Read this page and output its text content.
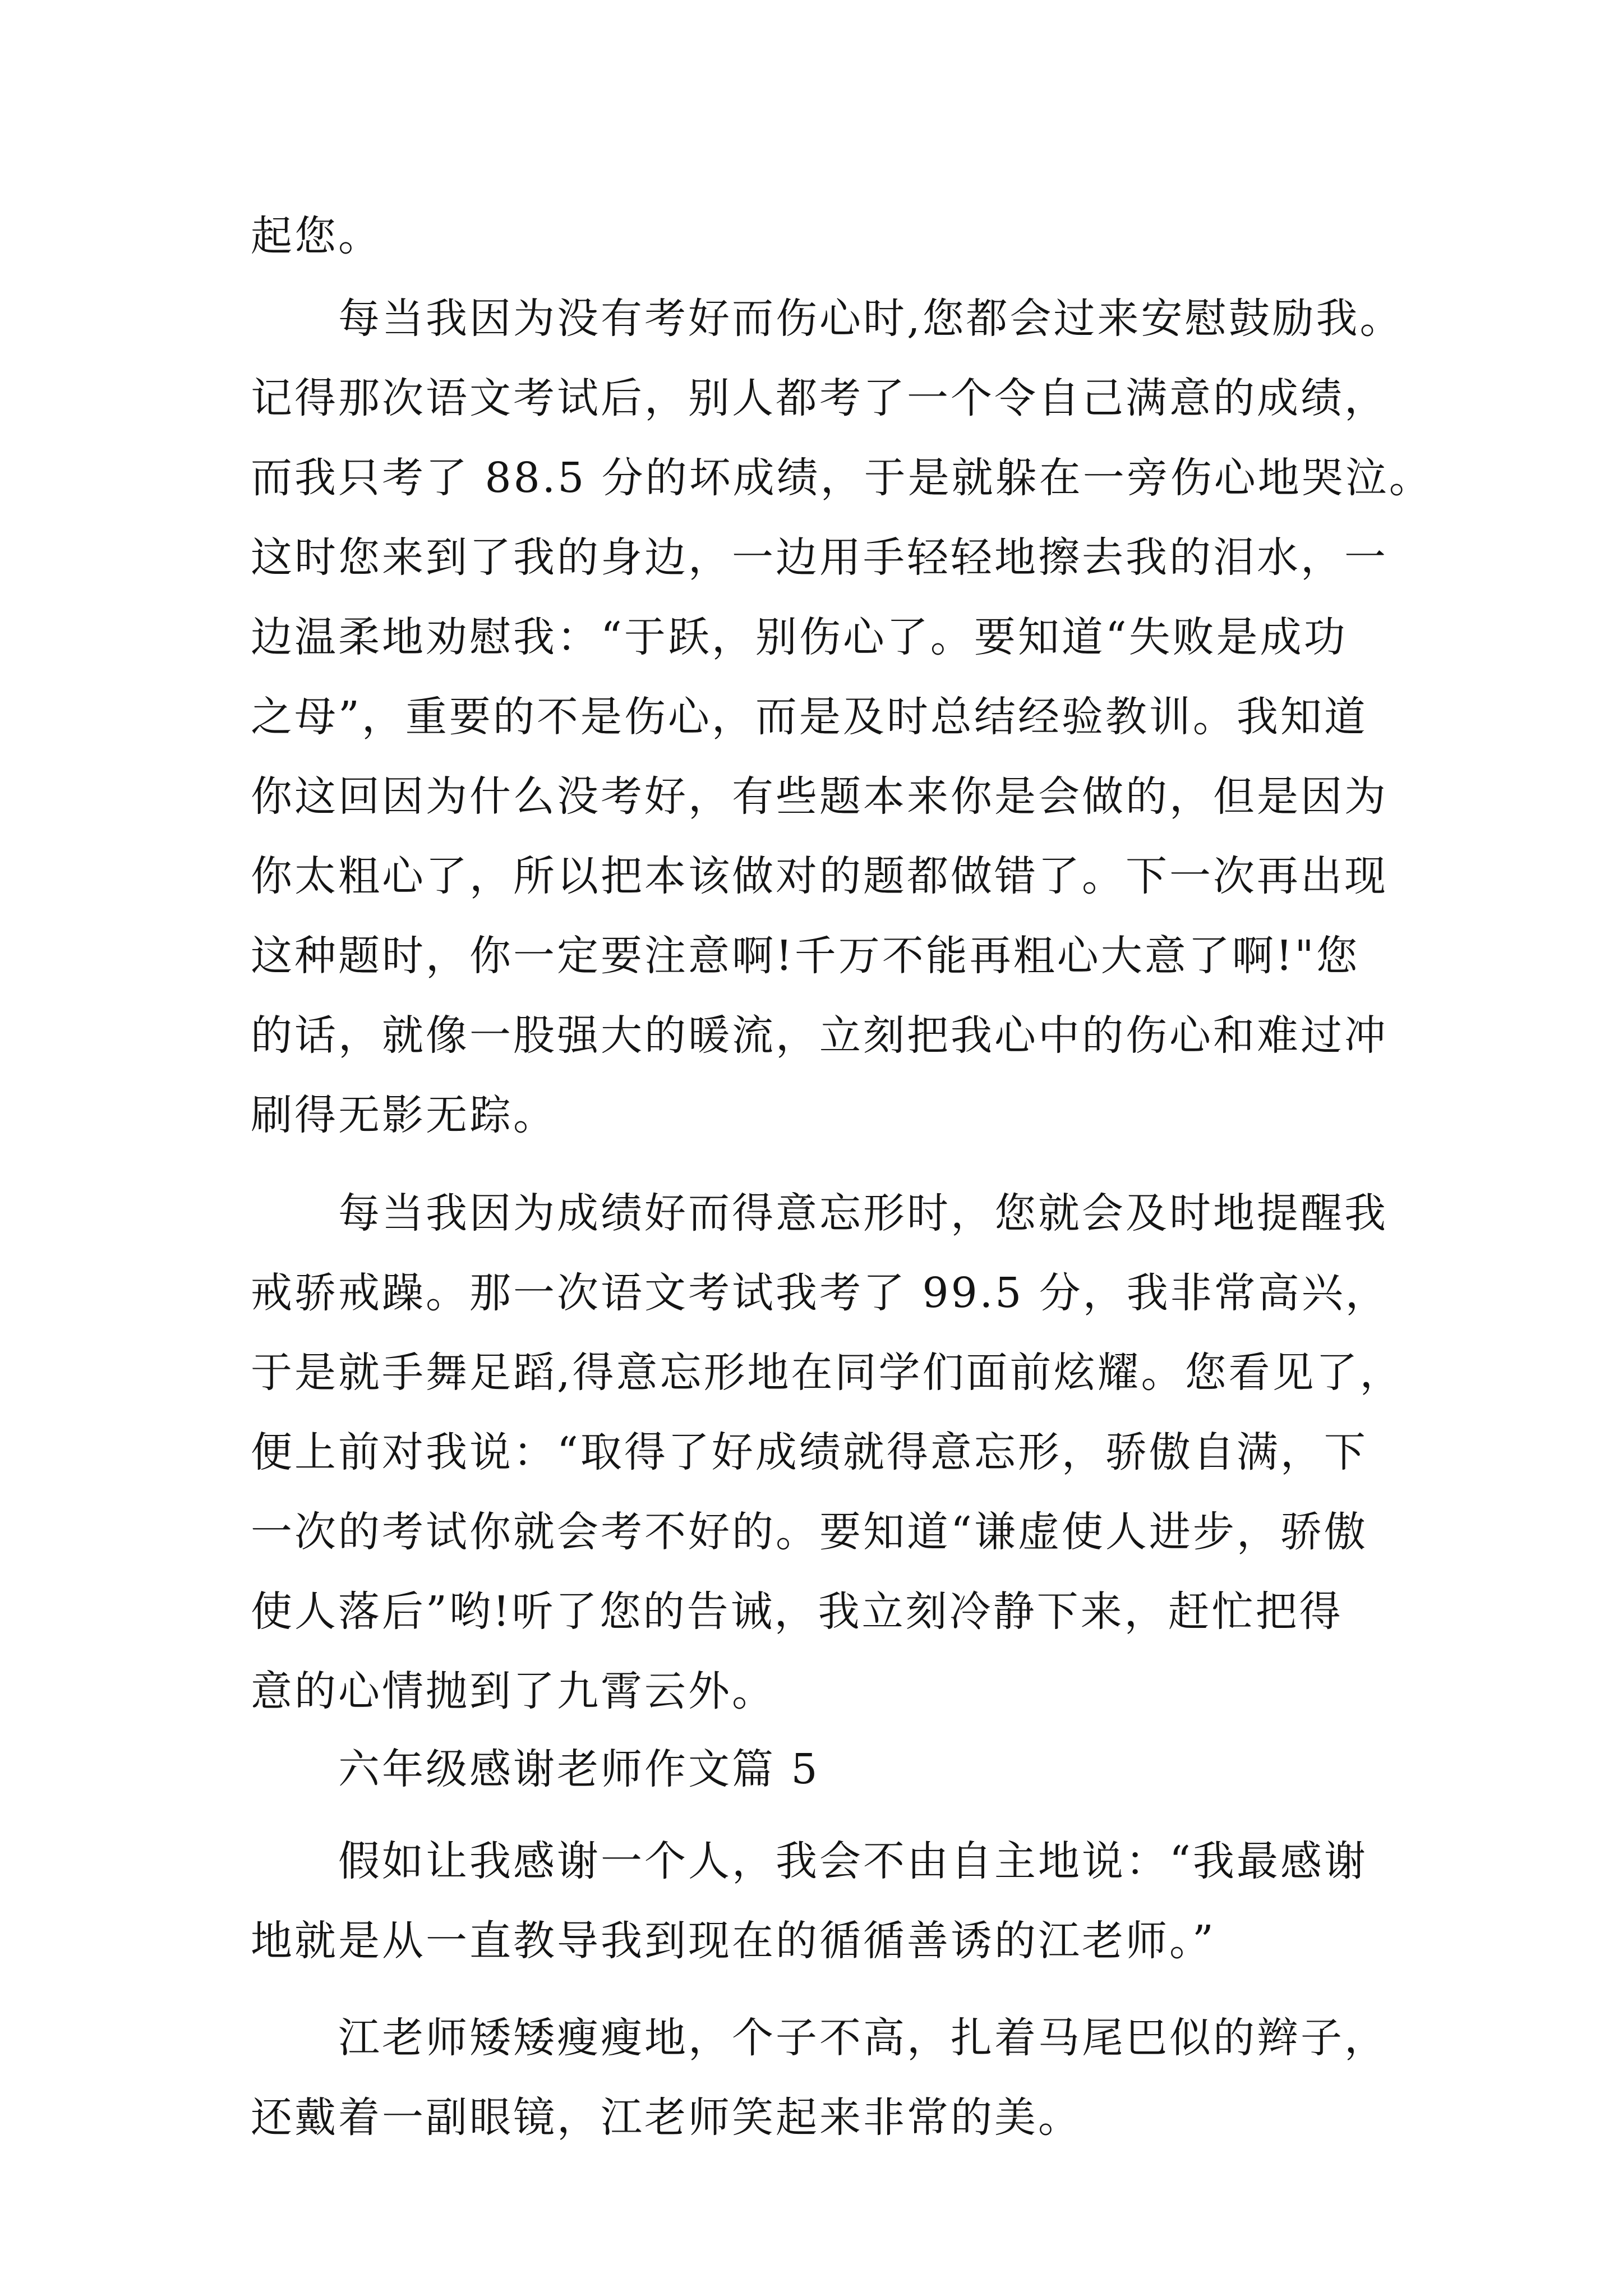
起您。
每当我因为没有考好而伤心时,您都会过来安慰鼓励我。
记得那次语文考试后，别人都考了一个令自己满意的成绩，
而我只考了 88.5 分的坏成绩，于是就躲在一旁伤心地哭泣。
这时您来到了我的身边，一边用手轻轻地擦去我的泪水，一
边温柔地劝慰我：“于跃，别伤心了。要知道“失败是成功
之母”，重要的不是伤心，而是及时总结经验教训。我知道
你这回因为什么没考好，有些题本来你是会做的，但是因为
你太粗心了，所以把本该做对的题都做错了。下一次再出现
这种题时，你一定要注意啊!千万不能再粗心大意了啊!"您
的话，就像一股强大的暖流，立刻把我心中的伤心和难过冲
刷得无影无踪。
每当我因为成绩好而得意忘形时，您就会及时地提醒我
戒骄戒躁。那一次语文考试我考了 99.5 分，我非常高兴，
于是就手舞足蹈,得意忘形地在同学们面前炫耀。您看见了，
便上前对我说：“取得了好成绩就得意忘形，骄傲自满，下
一次的考试你就会考不好的。要知道“谦虚使人进步，骄傲
使人落后”哟!听了您的告诫，我立刻冷静下来，赶忙把得
意的心情抛到了九霄云外。
六年级感谢老师作文篇 5
假如让我感谢一个人，我会不由自主地说：“我最感谢
地就是从一直教导我到现在的循循善诱的江老师。”
江老师矮矮瘦瘦地，个子不高，扎着马尾巴似的辫子，
还戴着一副眼镜，江老师笑起来非常的美。
